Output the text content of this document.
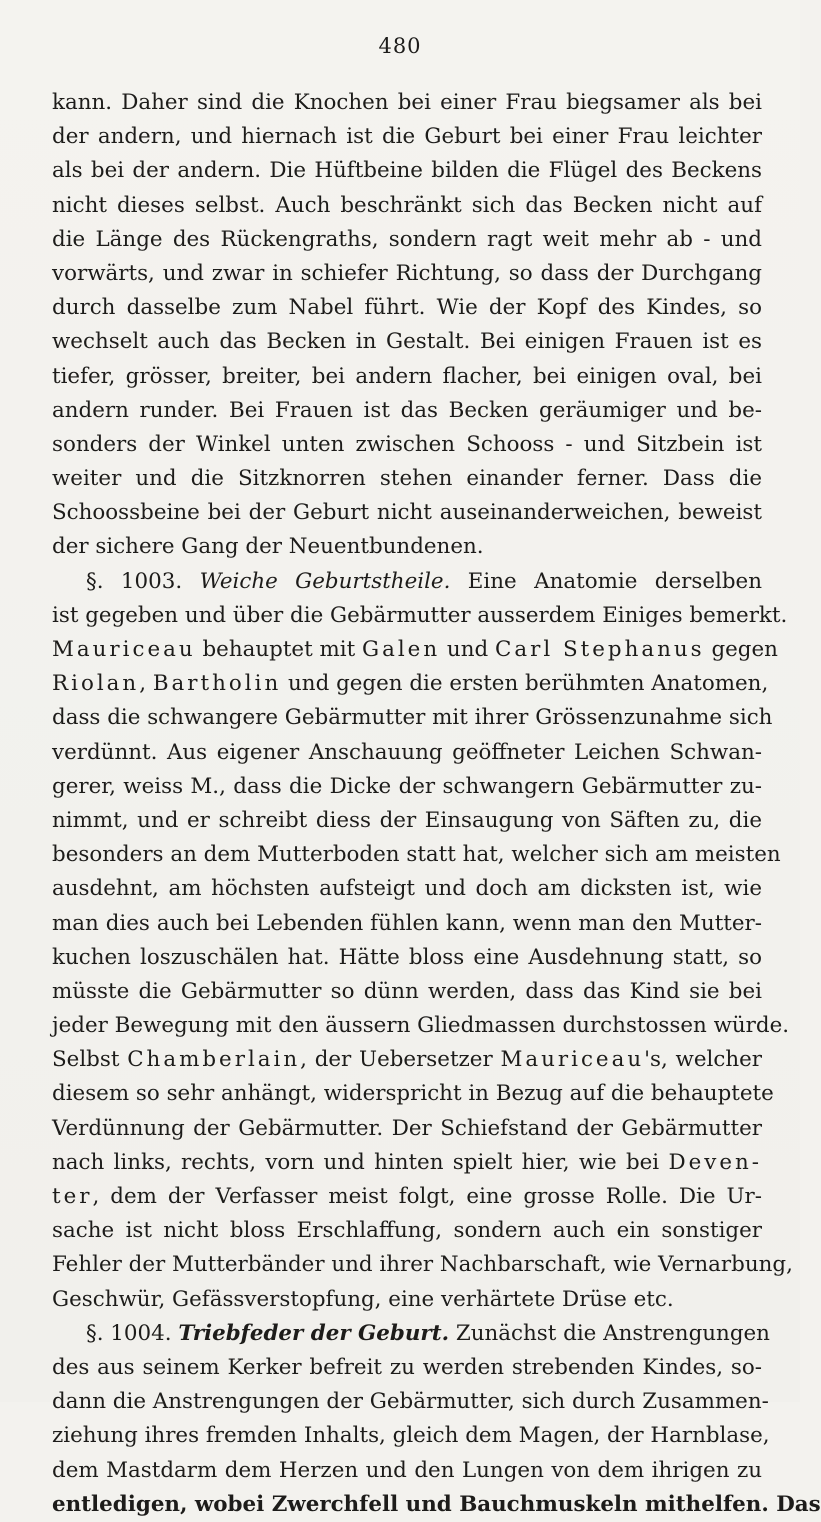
480
kann. Daher sind die Knochen bei einer Frau biegsamer als bei
der andern, und hiernach ist die Geburt bei einer Frau leichter
als bei der andern. Die Hüftbeine bilden die Flügel des Beckens
nicht dieses selbst. Auch beschränkt sich das Becken nicht auf
die Länge des Rückengraths, sondern ragt weit mehr ab - und
vorwärts, und zwar in schiefer Richtung, so dass der Durchgang
durch dasselbe zum Nabel führt. Wie der Kopf des Kindes, so
wechselt auch das Becken in Gestalt. Bei einigen Frauen ist es
tiefer, grösser, breiter, bei andern flacher, bei einigen oval, bei
andern runder. Bei Frauen ist das Becken geräumiger und be-
sonders der Winkel unten zwischen Schooss - und Sitzbein ist
weiter und die Sitzknorren stehen einander ferner. Dass die
Schoossbeine bei der Geburt nicht auseinanderweichen, beweist
der sichere Gang der Neuentbundenen.
§. 1003. Weiche Geburtstheile. Eine Anatomie derselben
ist gegeben und über die Gebärmutter ausserdem Einiges bemerkt.
Mauriceau behauptet mit Galen und Carl Stephanus gegen
Riolan, Bartholin und gegen die ersten berühmten Anatomen,
dass die schwangere Gebärmutter mit ihrer Grössenzunahme sich
verdünnt. Aus eigener Anschauung geöffneter Leichen Schwan-
gerer, weiss M., dass die Dicke der schwangern Gebärmutter zu-
nimmt, und er schreibt diess der Einsaugung von Säften zu, die
besonders an dem Mutterboden statt hat, welcher sich am meisten
ausdehnt, am höchsten aufsteigt und doch am dicksten ist, wie
man dies auch bei Lebenden fühlen kann, wenn man den Mutter-
kuchen loszuschälen hat. Hätte bloss eine Ausdehnung statt, so
müsste die Gebärmutter so dünn werden, dass das Kind sie bei
jeder Bewegung mit den äussern Gliedmassen durchstossen würde.
Selbst Chamberlain, der Uebersetzer Mauriceau's, welcher
diesem so sehr anhängt, widerspricht in Bezug auf die behauptete
Verdünnung der Gebärmutter. Der Schiefstand der Gebärmutter
nach links, rechts, vorn und hinten spielt hier, wie bei Deven-
ter, dem der Verfasser meist folgt, eine grosse Rolle. Die Ur-
sache ist nicht bloss Erschlaffung, sondern auch ein sonstiger
Fehler der Mutterbänder und ihrer Nachbarschaft, wie Vernarbung,
Geschwür, Gefässverstopfung, eine verhärtete Drüse etc.
§. 1004. Triebfeder der Geburt. Zunächst die Anstrengungen
des aus seinem Kerker befreit zu werden strebenden Kindes, so-
dann die Anstrengungen der Gebärmutter, sich durch Zusammen-
ziehung ihres fremden Inhalts, gleich dem Magen, der Harnblase,
dem Mastdarm dem Herzen und den Lungen von dem ihrigen zu
entledigen, wobei Zwerchfell und Bauchmuskeln mithelfen. Das
